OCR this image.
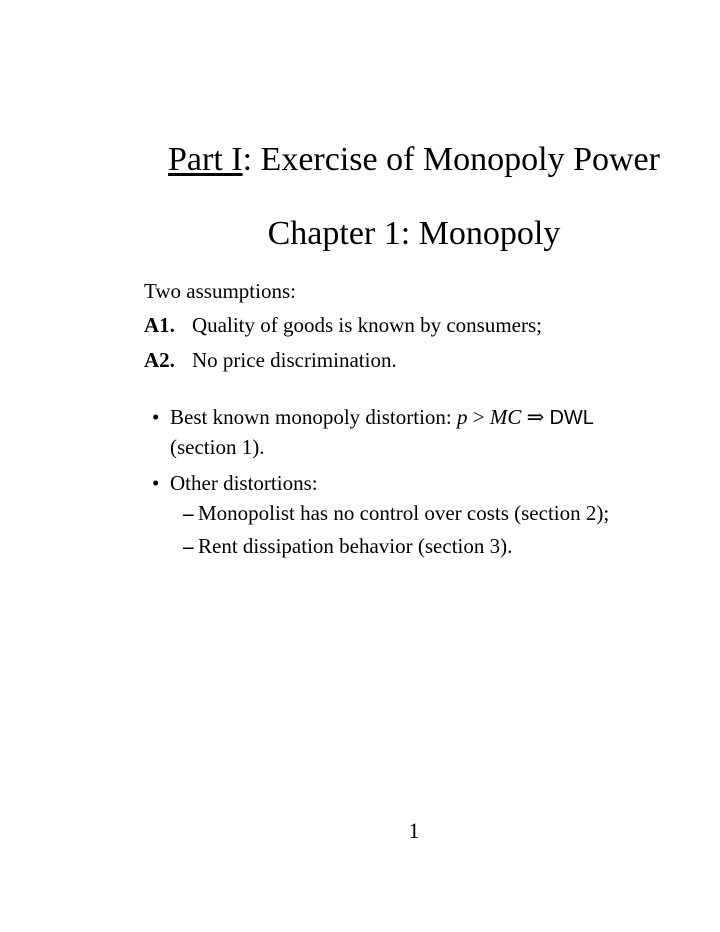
Part I: Exercise of Monopoly Power
Chapter 1: Monopoly
Two assumptions:
A1. Quality of goods is known by consumers;
A2. No price discrimination.
• Best known monopoly distortion: p > MC ⇒ DWL
(section 1).
• Other distortions:
– Monopolist has no control over costs (section 2);
– Rent dissipation behavior (section 3).
1
